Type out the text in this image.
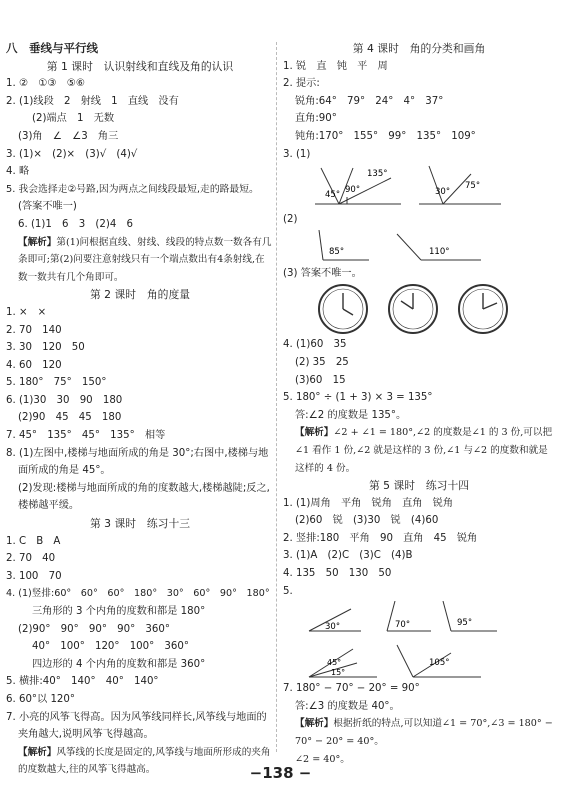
八　垂线与平行线
第 1 课时　认识射线和直线及角的认识
1. ②　①③　⑤⑥
2. (1)线段　2　射线　1　直线　没有
(2)端点　1　无数
(3)角　∠　∠3　角三
3. (1)×　(2)×　(3)√　(4)√
4. 略
5. 我会选择走②号路,因为两点之间线段最短,走的路最短。
(答案不唯一)
6. (1)1　6　3　(2)4　6
【解析】第(1)问根据直线、射线、线段的特点数一数各有几条即可;第(2)问要注意射线只有一个端点数出有4条射线,在数一数共有几个角即可。
第 2 课时　角的度量
1. ×　×
2. 70　140
3. 30　120　50
4. 60　120
5. 180°　75°　150°
6. (1)30　30　90　180
(2)90　45　45　180
7. 45°　135°　45°　135°　相等
8. (1)左图中,楼梯与地面所成的角是 30°;右图中,楼梯与地面所成的角是 45°。
(2)发现:楼梯与地面所成的角的度数越大,楼梯越陡;反之,楼梯越平缓。
第 3 课时　练习十三
1. C　B　A
2. 70　40
3. 100　70
4. (1)竖排:60°　60°　60°　180°　30°　60°　90°　180°
三角形的 3 个内角的度数和都是 180°
(2)90°　90°　90°　90°　360°
40°　100°　120°　100°　360°
四边形的 4 个内角的度数和都是 360°
5. 横排:40°　140°　40°　140°
6. 60°以 120°
7. 小亮的风筝飞得高。因为风筝线同样长,风筝线与地面的夹角越大,说明风筝飞得越高。
【解析】风筝线的长度是固定的,风筝线与地面所形成的夹角的度数越大,往的风筝飞得越高。
第 4 课时　角的分类和画角
1. 锐　直　钝　平　周
2. 提示:
锐角:64°　79°　24°　4°　37°
直角:90°
钝角:170°　155°　99°　135°　109°
3. (1)
45° 90°
135°
30°
75°
(2)
85°	110°
(3) 答案不唯一。
4. (1)60　35
(2) 35　25
(3)60　15
5. 180° ÷ (1 + 3) × 3 = 135°
答:∠2 的度数是 135°。
【解析】∠2 + ∠1 = 180°,∠2 的度数是∠1 的 3 份,可以把∠1 看作 1 份,∠2 就是这样的 3 份,∠1 与∠2 的度数和就是这样的 4 份。
第 5 课时　练习十四
1. (1)周角　平角　锐角　直角　锐角
(2)60　锐　(3)30　锐　(4)60
2. 竖排:180　平角　90　直角　45　锐角
3. (1)A　(2)C　(3)C　(4)B
4. 135　50　130　50
5.
30°	70°	95°
15°
45°	105°
7. 180° − 70° − 20° = 90°
答:∠3 的度数是 40°。
【解析】根据折纸的特点,可以知道∠1 = 70°,∠3 = 180° − 70° − 20° = 40°。
∠2 = 40°。
−138 −
